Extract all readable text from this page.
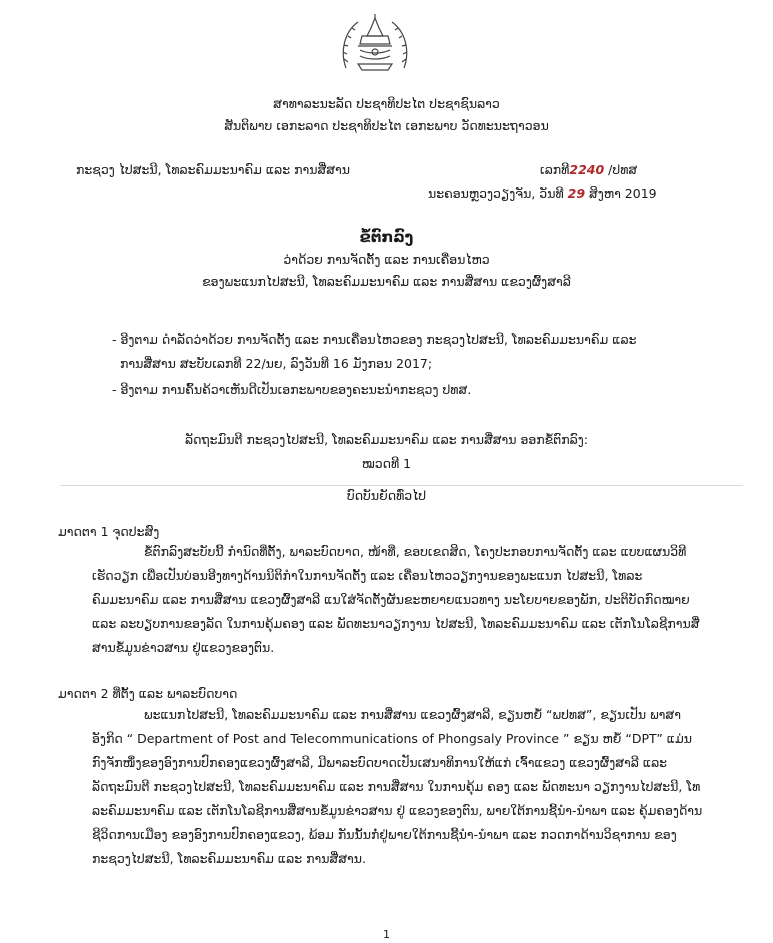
ສາທາລະນະລັດ ປະຊາທິປະໄຕ ປະຊາຊົນລາວ
ສັນຕິພາບ ເອກະລາດ ປະຊາທິປະໄຕ ເອກະພາບ ວັດທະນະຖາວອນ
ກະຊວງ ໄປສະນີ, ໂທລະຄົມມະນາຄົມ ແລະ ການສື່ສານ	ເລກທີ2240 /ປທສ
ນະຄອນຫຼວງວຽງຈັນ, ວັນທີ 29 ສິງຫາ 2019
ຂໍ້ຕົກລົງ
ວ່າດ້ວຍ ການຈັດຕັ້ງ ແລະ ການເຄື່ອນໄຫວ
ຂອງພະແນກໄປສະນີ, ໂທລະຄົມມະນາຄົມ ແລະ ການສື່ສານ ແຂວງຜົ້ງສາລີ
- ອີງຕາມ ດຳລັດວ່າດ້ວຍ ການຈັດຕັ້ງ ແລະ ການເຄື່ອນໄຫວຂອງ ກະຊວງໄປສະນີ, ໂທລະຄົມມະນາຄົມ ແລະ
ການສື່ສານ ສະບັບເລກທີ 22/ນຍ, ລົງວັນທີ 16 ມັງກອນ 2017;
- ອີງຕາມ ການຄົ້ນຄ້ວາເຫັນດີເປັນເອກະພາບຂອງຄະນະນຳກະຊວງ ປທສ.
ລັດຖະມົນຕີ ກະຊວງໄປສະນີ, ໂທລະຄົມມະນາຄົມ ແລະ ການສື່ສານ ອອກຂໍ້ຕົກລົງ:
ໝວດທີ 1
ບົດບັນຍັດທົ່ວໄປ
ມາດຕາ 1 ຈຸດປະສົງ
ຂໍ້ຕົກລົງສະບັບນີ້ ກຳນົດທີ່ຕັ້ງ, ພາລະບົດບາດ, ໜ້າທີ່, ຂອບເຂດສິດ, ໂຄງປະກອບການຈັດຕັ້ງ ແລະ ແບບແຜນວິທີເຮັດວຽກ ເພື່ອເປັນບ່ອນອີງທາງດ້ານນິຕິກຳໃນການຈັດຕັ້ງ ແລະ ເຄື່ອນໄຫວວຽກງານຂອງພະແນກ ໄປສະນີ, ໂທລະຄົມມະນາຄົມ ແລະ ການສື່ສານ ແຂວງຜົ້ງສາລີ ແນໃສ່ຈັດຕັ້ງຜັນຂະຫຍາຍແນວທາງ ນະໂຍບາຍຂອງພັກ, ປະຕິບັດກົດໝາຍ ແລະ ລະບຽບການຂອງລັດ ໃນການຄຸ້ມຄອງ ແລະ ພັດທະນາວຽກງານ ໄປສະນີ, ໂທລະຄົມມະນາຄົມ ແລະ ເຕັກໂນໂລຊີການສື່ສານຂໍ້ມູນຂ່າວສານ ຢູ່ແຂວງຂອງຕົນ.
ມາດຕາ 2 ທີ່ຕັ້ງ ແລະ ພາລະບົດບາດ
ພະແນກໄປສະນີ, ໂທລະຄົມມະນາຄົມ ແລະ ການສື່ສານ ແຂວງຜົ້ງສາລີ, ຂຽນຫຍໍ້ “ພປທສ”, ຂຽນເປັນ ພາສາອັງກິດ “ Department of Post and Telecommunications of Phongsaly Province ” ຂຽນ ຫຍໍ້ “DPT” ແມ່ນກົງຈັກໜຶ່ງຂອງອົງການປົກຄອງແຂວງຜົ້ງສາລີ, ມີພາລະບົດບາດເປັນເສນາທິການໃຫ້ແກ່ ເຈົ້າແຂວງ ແຂວງຜົ້ງສາລີ ແລະ ລັດຖະມົນຕີ ກະຊວງໄປສະນີ, ໂທລະຄົມມະນາຄົມ ແລະ ການສື່ສານ ໃນການຄຸ້ມ ຄອງ ແລະ ພັດທະນາ ວຽກງານໄປສະນີ, ໂທລະຄົມມະນາຄົມ ແລະ ເຕັກໂນໂລຊີການສື່ສານຂໍ້ມູນຂ່າວສານ ຢູ່ ແຂວງຂອງຕົນ, ພາຍໃຕ້ການຊີ້ນຳ-ນຳພາ ແລະ ຄຸ້ມຄອງດ້ານຊີວິດການເມືອງ ຂອງອົງການປົກຄອງແຂວງ, ພ້ອມ ກັນນັ້ນກໍ່ຢູ່ພາຍໃຕ້ການຊີ້ນຳ-ນຳພາ ແລະ ກວດກາດ້ານວິຊາການ ຂອງກະຊວງໄປສະນີ, ໂທລະຄົມມະນາຄົມ ແລະ ການສື່ສານ.
1
